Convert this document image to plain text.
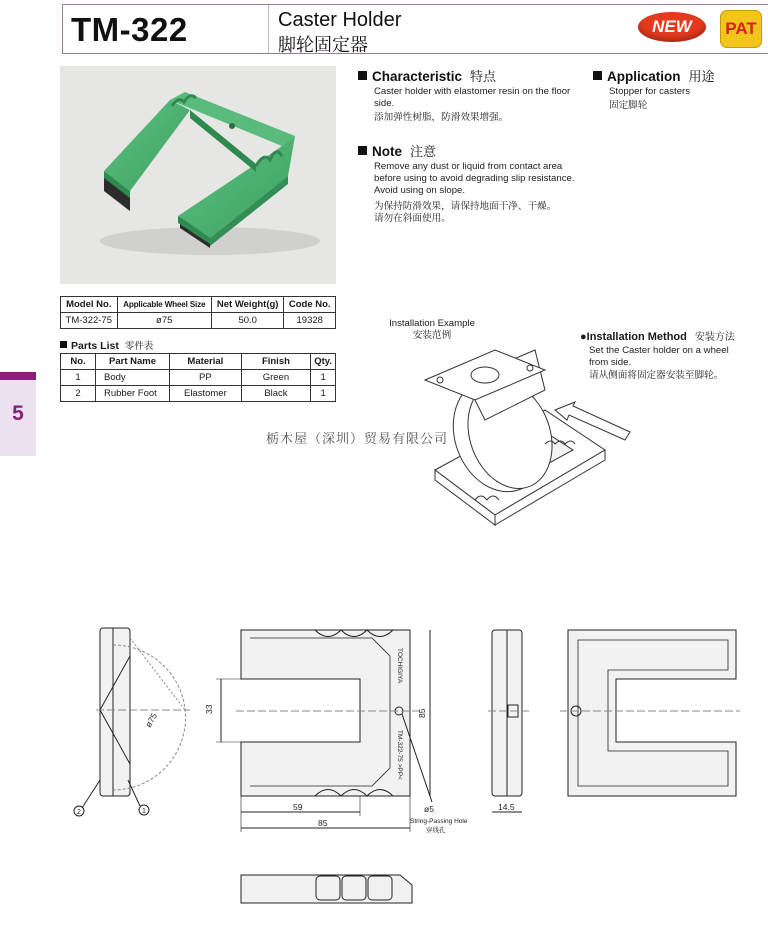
TM-322	Caster Holder
脚轮固定器
NEW	PAT
Characteristic 特点
Caster holder with elastomer resin on the floor side.
添加弹性树脂，防滑效果增强。
Application 用途
Stopper for casters
固定脚轮
Note 注意
Remove any dust or liquid from contact area before using to avoid degrading slip resistance. Avoid using on slope.
为保持防滑效果，请保持地面干净、干燥。请勿在斜面使用。
Model No.	Applicable Wheel Size	Net Weight(g)	Code No.
TM-322-75	ø75	50.0	19328
Parts List 零件表
No.	Part Name	Material	Finish	Qty.
1	Body	PP	Green	1
2	Rubber Foot	Elastomer	Black	1
5
Installation Example
安装范例	●Installation Method 安装方法
Set the Caster holder on a wheel from side.
请从侧面将固定器安装至脚轮。
栃木屋（深圳）贸易有限公司
33	85
59
85
ø5
String-Passing Hole
穿线孔
14.5
ø75
2	1
TOCHIGIYA
TM-322-75 >PP<
